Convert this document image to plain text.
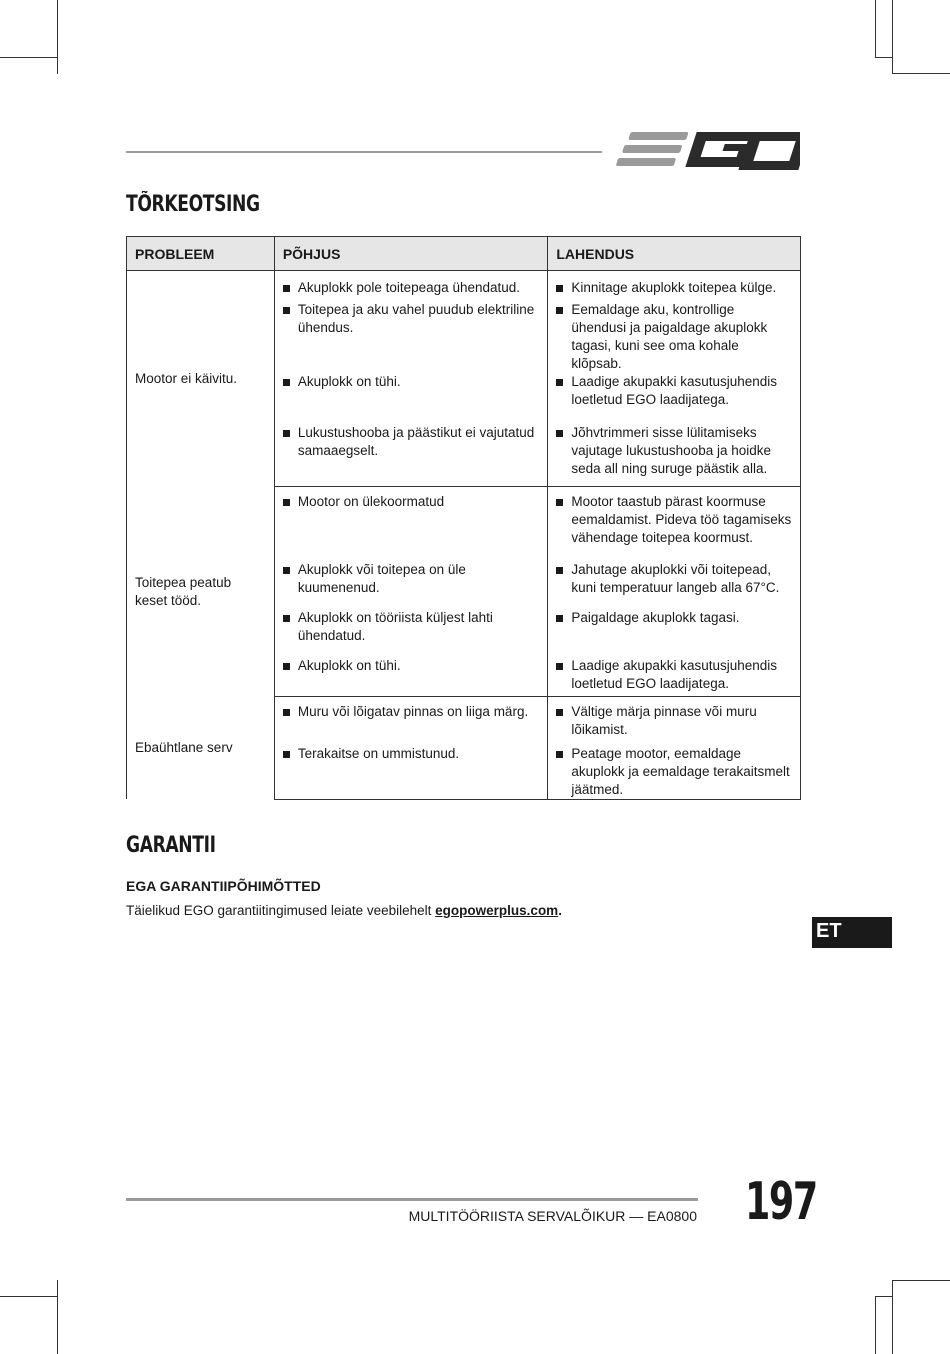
TÕRKEOTSING
PROBLEEM	PÕHJUS	LAHENDUS
Mootor ei käivitu.	Akuplokk pole toitepeaga ühendatud.	Kinnitage akuplokk toitepea külge.

	Toitepea ja aku vahel puudub elektriline ühendus.	Eemaldage aku, kontrollige ühendusi ja paigaldage akuplokk tagasi, kuni see oma kohale klõpsab.

	Akuplokk on tühi.	Laadige akupakki kasutusjuhendis loetletud EGO laadijatega.

	Lukustushooba ja päästikut ei vajutatud samaaegselt.	Jõhvtrimmeri sisse lülitamiseks vajutage lukustushooba ja hoidke seda all ning suruge päästik alla.

Toitepea peatub keset tööd.	Mootor on ülekoormatud	Mootor taastub pärast koormuse eemaldamist. Pideva töö tagamiseks vähendage toitepea koormust.

	Akuplokk või toitepea on üle kuumenenud.	Jahutage akuplokki või toitepead, kuni temperatuur langeb alla 67°C.

	Akuplokk on tööriista küljest lahti ühendatud.	Paigaldage akuplokk tagasi.

	Akuplokk on tühi.	Laadige akupakki kasutusjuhendis loetletud EGO laadijatega.

Ebaühtlane serv	Muru või lõigatav pinnas on liiga märg.	Vältige märja pinnase või muru lõikamist.

	Terakaitse on ummistunud.	Peatage mootor, eemaldage akuplokk ja eemaldage terakaitsmelt jäätmed.
GARANTII
EGA GARANTIIPÕHIMÕTTED
Täielikud EGO garantiitingimused leiate veebilehelt egopowerplus.com.
ET
MULTITÖÖRIISTA SERVALÕIKUR — EA0800 197
